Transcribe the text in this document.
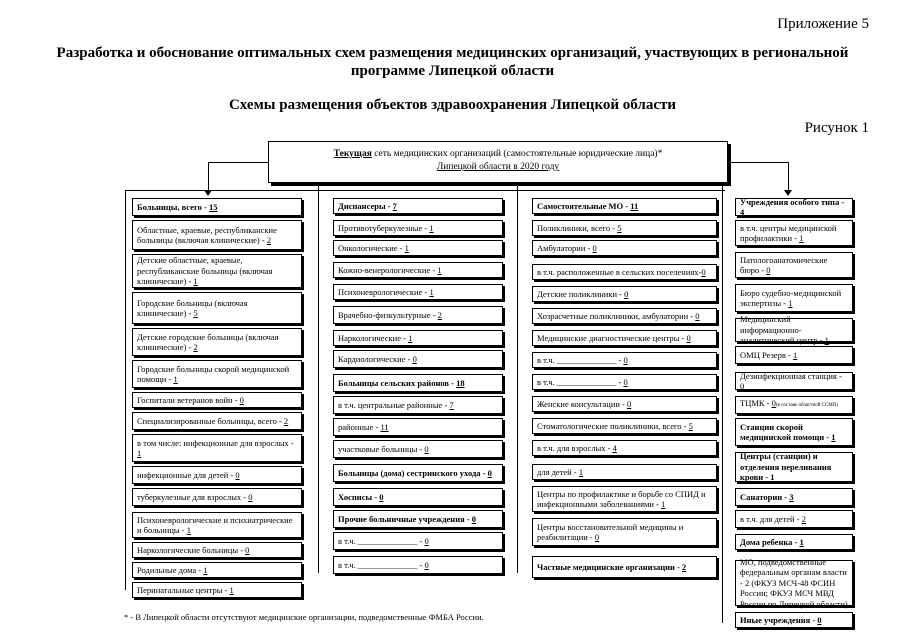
Приложение 5
Разработка и обоснование оптимальных схем размещения медицинских организаций, участвующих в региональной программе Липецкой области
Схемы размещения объектов здравоохранения Липецкой области
Рисунок 1
Текущая сеть медицинских организаций (самостоятельные юридические лица)*
Липецкой области в 2020 году
Больницы, всего - 15
Областные, краевые, республиканские больницы (включая клинические) - 2
Детские областные, краевые, республиканские больницы (включая клинические) - 1
Городские больницы (включая клинические) - 5
Детские городские больницы (включая клинические) - 2
Городские больницы скорой медицинской помощи - 1
Госпитали ветеранов войн - 0
Специализированные больницы, всего - 2
в том числе: инфекционные для взрослых - 1
инфекционные для детей - 0
туберкулезные для взрослых - 0
Психоневрологические и психиатрические и больницы - 1
Наркологические больницы - 0
Родильные дома - 1
Перинатальные центры - 1
Диспансеры - 7
Противотуберкулезные - 1
Онкологические - 1
Кожно-венерологические - 1
Психоневрологические - 1
Врачебно-физкультурные - 2
Наркологические - 1
Кардиологические - 0
Больницы сельских районов - 18
в т.ч. центральные районные - 7
районные - 11
участковые больницы - 0
Больницы (дома) сестринского ухода - 0
Хосписы - 0
Прочие больничные учреждения - 0
в т.ч. ______________ - 0
в т.ч. ______________ - 0
Самостоятельные МО - 11
Поликлиники, всего - 5
Амбулатории - 0
в т.ч. расположенные в сельских поселениях-0
Детские поликлиники - 0
Хозрасчетные поликлиники, амбулатории - 0
Медицинские диагностические центры - 0
в т.ч. ______________ - 0
в т.ч. ______________ - 0
Женские консультации - 0
Стоматологические поликлиники, всего - 5
в т.ч. для взрослых - 4
для детей - 1
Центры по профилактике и борьбе со СПИД и инфекционными заболеваниями - 1
Центры восстановительной медицины и реабилитации - 0
Частные медицинские организации - 2
Учреждения особого типа - 4
в т.ч. центры медицинской профилактики - 1
Патологоанатомические бюро - 0
Бюро судебно-медицинской экспертизы - 1
Медицинский информационно-аналитический центр - 1
ОМЦ Резерв - 1
Дезинфекционная станция - 0
ТЦМК - 0(в составе областной ССМП)
Станции скорой медицинской помощи - 1
Центры (станции) и отделения переливания крови - 1
Санатории - 3
в т.ч. для детей - 2
Дома ребенка - 1
МО, подведомственные федеральным органам власти - 2 (ФКУЗ МСЧ-48 ФСИН России; ФКУЗ МСЧ МВД России по Липецкой области)
Иные учреждения - 0
* - В Липецкой области отсутствуют медицинские организации, подведомственные ФМБА России.
